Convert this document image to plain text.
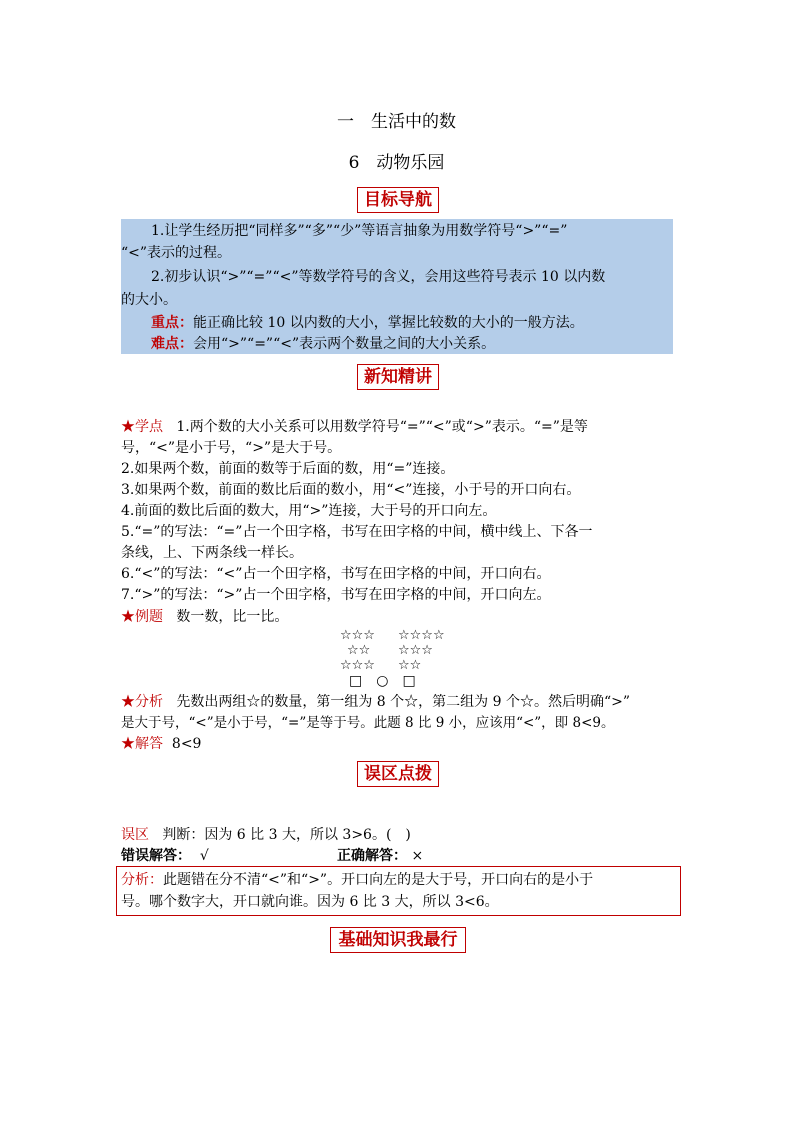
一　生活中的数
6　动物乐园
目标导航
1.让学生经历把“同样多”“多”“少”等语言抽象为用数学符号“>”“=”
“<”表示的过程。
2.初步认识“>”“=”“<”等数学符号的含义，会用这些符号表示 10 以内数
的大小。
重点：能正确比较 10 以内数的大小，掌握比较数的大小的一般方法。
难点：会用“>”“=”“<”表示两个数量之间的大小关系。
新知精讲
★学点 1.两个数的大小关系可以用数学符号“=”“<”或“>”表示。“=”是等
号，“<”是小于号，“>”是大于号。
2.如果两个数，前面的数等于后面的数，用“=”连接。
3.如果两个数，前面的数比后面的数小，用“<”连接，小于号的开口向右。
4.前面的数比后面的数大，用“>”连接，大于号的开口向左。
5.“=”的写法：“=”占一个田字格，书写在田字格的中间，横中线上、下各一
条线，上、下两条线一样长。
6.“<”的写法：“<”占一个田字格，书写在田字格的中间，开口向右。
7.“>”的写法：“>”占一个田字格，书写在田字格的中间，开口向左。
★例题 数一数，比一比。
☆☆☆
☆☆
☆☆☆
☆☆☆☆
☆☆☆
☆☆
□　○　□
★分析 先数出两组☆的数量，第一组为 8 个☆，第二组为 9 个☆。然后明确“>”
是大于号，“<”是小于号，“=”是等于号。此题 8 比 9 小，应该用“<”，即 8<9。
★解答 8<9
误区点拨
误区 判断：因为 6 比 3 大，所以 3>6。(　)
错误解答： √	正确解答： ×
分析：此题错在分不清“<”和“>”。开口向左的是大于号，开口向右的是小于
号。哪个数字大，开口就向谁。因为 6 比 3 大，所以 3<6。
基础知识我最行
